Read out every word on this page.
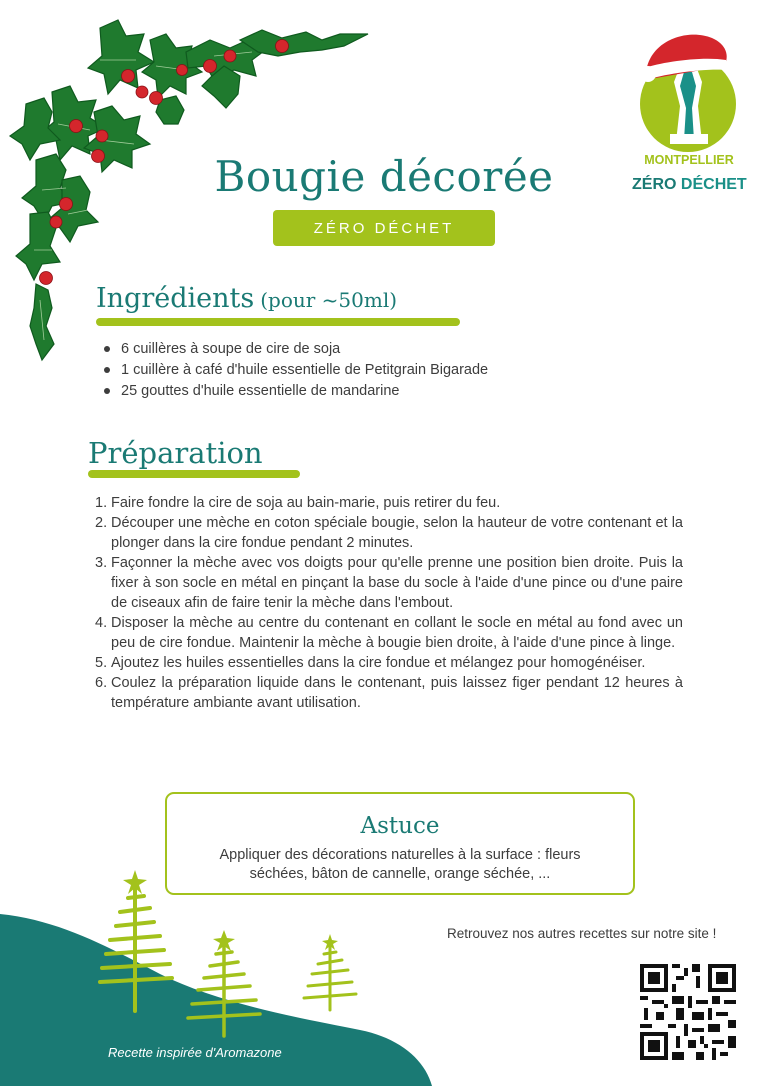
MONTPELLIER
ZÉRO DÉCHET
Bougie décorée
ZÉRO DÉCHET
Ingrédients (pour ~50ml)
6 cuillères à soupe de cire de soja
1 cuillère à café d'huile essentielle de Petitgrain Bigarade
25 gouttes d'huile essentielle de mandarine
Préparation
1. Faire fondre la cire de soja au bain-marie, puis retirer du feu.
2. Découper une mèche en coton spéciale bougie, selon la hauteur de votre contenant et la plonger dans la cire fondue pendant 2 minutes.
3. Façonner la mèche avec vos doigts pour qu'elle prenne une position bien droite. Puis la fixer à son socle en métal en pinçant la base du socle à l'aide d'une pince ou d'une paire de ciseaux afin de faire tenir la mèche dans l'embout.
4. Disposer la mèche au centre du contenant en collant le socle en métal au fond avec un peu de cire fondue. Maintenir la mèche à bougie bien droite, à l'aide d'une pince à linge.
5. Ajoutez les huiles essentielles dans la cire fondue et mélangez pour homogénéiser.
6. Coulez la préparation liquide dans le contenant, puis laissez figer pendant 12 heures à température ambiante avant utilisation.
Astuce
Appliquer des décorations naturelles à la surface : fleurs séchées, bâton de cannelle, orange séchée, ...
Recette inspirée d'Aromazone
Retrouvez nos autres recettes sur notre site !
